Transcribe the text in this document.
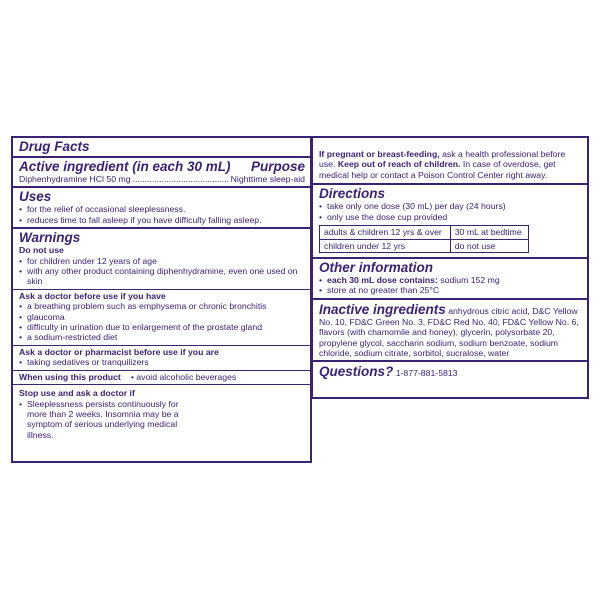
Drug Facts
Active ingredient (in each 30 mL) Purpose
Diphenhydramine HCl 50 mg .....	Nighttime sleep-aid
Uses
• for the relief of occasional sleeplessness.
• reduces time to fall asleep if you have difficulty falling asleep.
Warnings
Do not use
• for children under 12 years of age
• with any other product containing diphenhydramine, even one used on skin
Ask a doctor before use if you have
• a breathing problem such as emphysema or chronic bronchitis
• glaucoma
• difficulty in urination due to enlargement of the prostate gland
• a sodium-restricted diet
Ask a doctor or pharmacist before use if you are
• taking sedatives or tranquilizers
When using this product • avoid alcoholic beverages
Stop use and ask a doctor if
• Sleeplessness persists continuously for more than 2 weeks. Insomnia may be a symptom of serious underlying medical illness.
If pregnant or breast-feeding, ask a health professional before use. Keep out of reach of children. In case of overdose, get medical help or contact a Poison Control Center right away.
Directions
• take only one dose (30 mL) per day (24 hours)
• only use the dose cup provided
adults & children 12 yrs & over	30 mL at bedtime
children under 12 yrs	do not use
Other information
• each 30 mL dose contains: sodium 152 mg
• store at no greater than 25°C
Inactive ingredients anhydrous citric acid, D&C Yellow No. 10, FD&C Green No. 3, FD&C Red No. 40, FD&C Yellow No. 6, flavors (with chamomile and honey), glycerin, polysorbate 20, propylene glycol, saccharin sodium, sodium benzoate, sodium chloride, sodium citrate, sorbitol, sucralose, water
Questions? 1-877-881-5813
